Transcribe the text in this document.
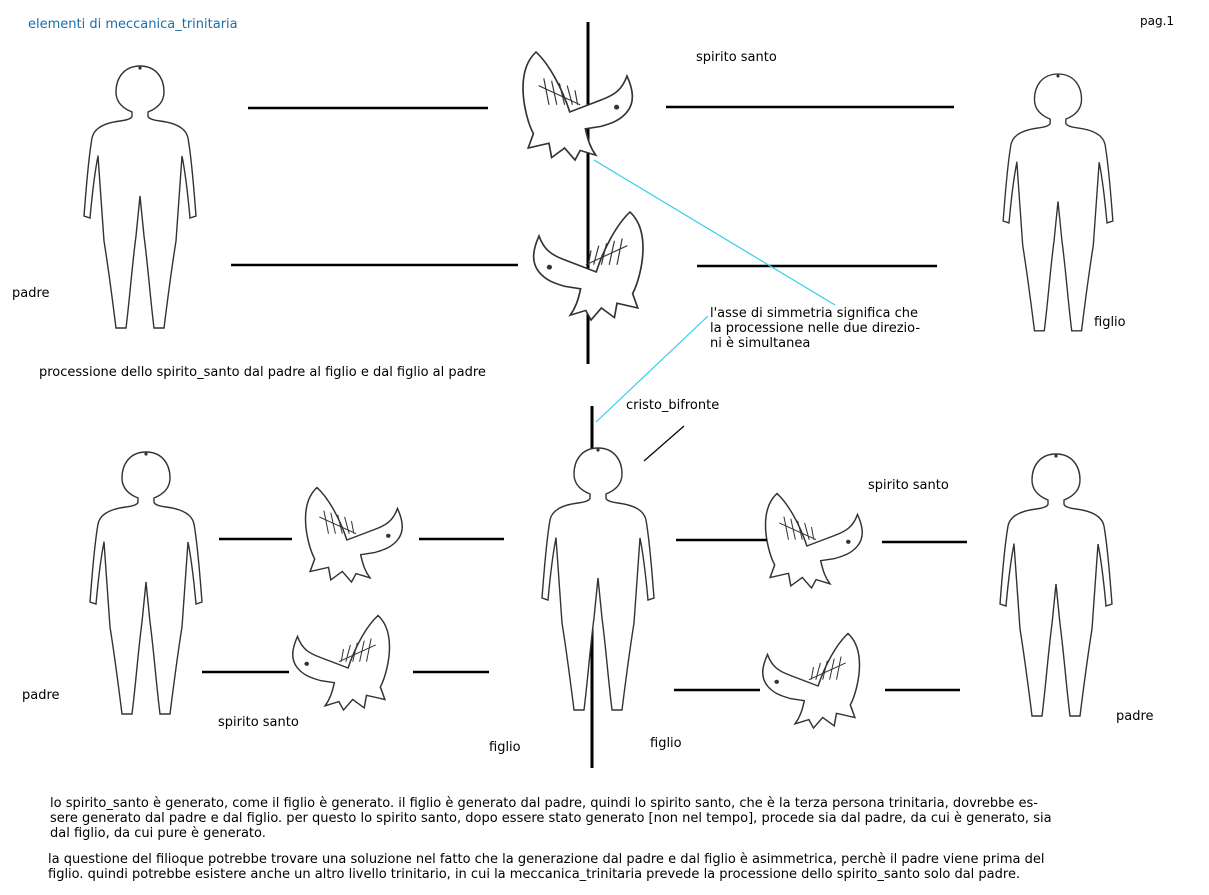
elementi di meccanica_trinitaria	pag.1
spirito santo
padre
figlio
processione dello spirito_santo dal padre al figlio e dal figlio al padre
l'asse di simmetria significa che
la processione nelle due direzio-
ni è simultanea
cristo_bifronte
spirito santo
padre
spirito santo
figlio	figlio
padre
lo spirito_santo è generato, come il figlio è generato. il figlio è generato dal padre, quindi lo spirito santo, che è la terza persona trinitaria, dovrebbe es-
sere generato dal padre e dal figlio. per questo lo spirito santo, dopo essere stato generato [non nel tempo], procede sia dal padre, da cui è generato, sia
dal figlio, da cui pure è generato.
la questione del filioque potrebbe trovare una soluzione nel fatto che la generazione dal padre e dal figlio è asimmetrica, perchè il padre viene prima del
figlio. quindi potrebbe esistere anche un altro livello trinitario, in cui la meccanica_trinitaria prevede la processione dello spirito_santo solo dal padre.
